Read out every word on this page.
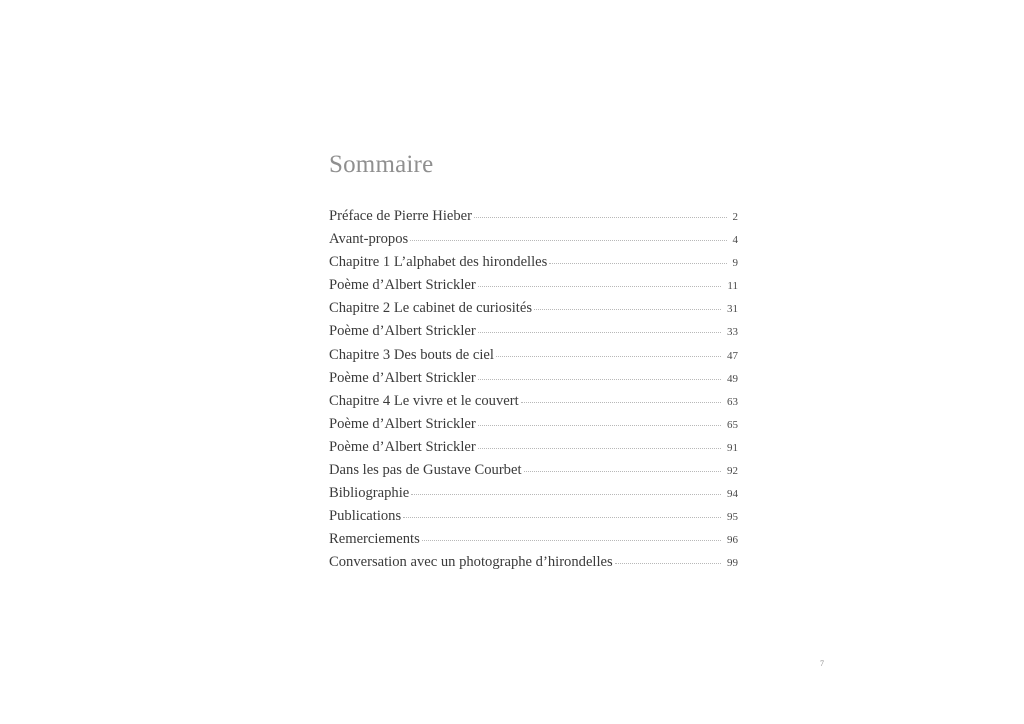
Sommaire
Préface de Pierre Hieber	2
Avant-propos	4
Chapitre 1 L’alphabet des hirondelles	9
Poème d’Albert Strickler	11
Chapitre 2 Le cabinet de curiosités	31
Poème d’Albert Strickler	33
Chapitre 3 Des bouts de ciel	47
Poème d’Albert Strickler	49
Chapitre 4 Le vivre et le couvert	63
Poème d’Albert Strickler	65
Poème d’Albert Strickler	91
Dans les pas de Gustave Courbet	92
Bibliographie	94
Publications	95
Remerciements	96
Conversation avec un photographe d’hirondelles	99
7
